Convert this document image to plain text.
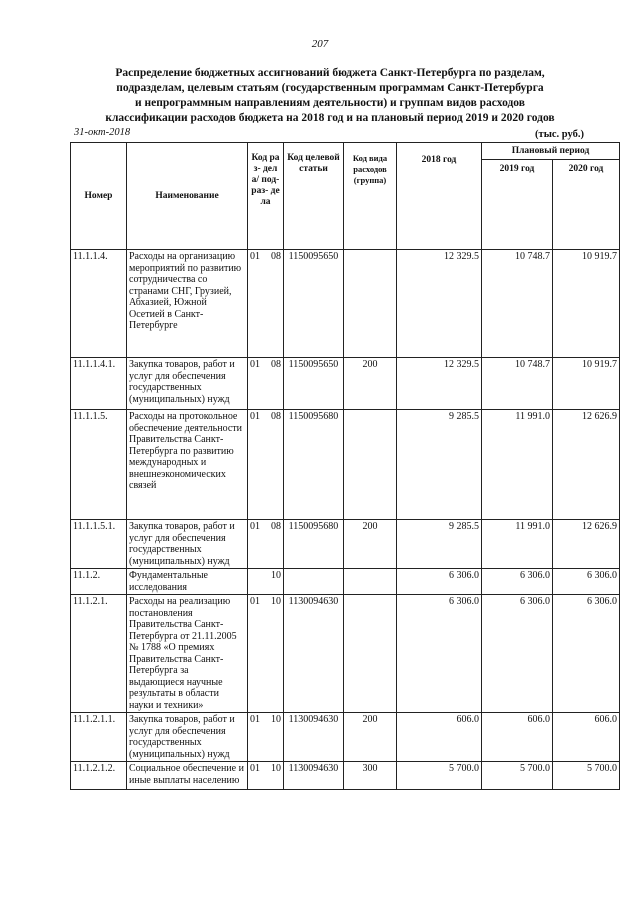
207
Распределение бюджетных ассигнований бюджета Санкт-Петербурга по разделам,
подразделам, целевым статьям (государственным программам Санкт-Петербурга
и непрограммным направлениям деятельности) и группам видов расходов
классификации расходов бюджета на 2018 год и на плановый период 2019 и 2020 годов
31-окт-2018	(тыс. руб.)
Номер	Наименование	Код раз- дела/ под- раз- дела	Код целевой статьи	Код вида расходов (группа)	2018 год	Плановый период	
						2019 год	2020 год
11.1.1.4.	Расходы на организацию мероприятий по развитию сотрудничества со странами СНГ, Грузией, Абхазией, Южной Осетией в Санкт-Петербурге	01 08	1150095650		12 329.5	10 748.7	10 919.7
11.1.1.4.1.	Закупка товаров, работ и услуг для обеспечения государственных (муниципальных) нужд	01 08	1150095650	200	12 329.5	10 748.7	10 919.7
11.1.1.5.	Расходы на протокольное обеспечение деятельности Правительства Санкт-Петербурга по развитию международных и внешнеэкономических связей	01 08	1150095680		9 285.5	11 991.0	12 626.9
11.1.1.5.1.	Закупка товаров, работ и услуг для обеспечения государственных (муниципальных) нужд	01 08	1150095680	200	9 285.5	11 991.0	12 626.9
11.1.2.	Фундаментальные исследования	10			6 306.0	6 306.0	6 306.0
11.1.2.1.	Расходы на реализацию постановления Правительства Санкт-Петербурга от 21.11.2005 № 1788 «О премиях Правительства Санкт-Петербурга за выдающиеся научные результаты в области науки и техники»	01 10	1130094630		6 306.0	6 306.0	6 306.0
11.1.2.1.1.	Закупка товаров, работ и услуг для обеспечения государственных (муниципальных) нужд	01 10	1130094630	200	606.0	606.0	606.0
11.1.2.1.2.	Социальное обеспечение и иные выплаты населению	01 10	1130094630	300	5 700.0	5 700.0	5 700.0
